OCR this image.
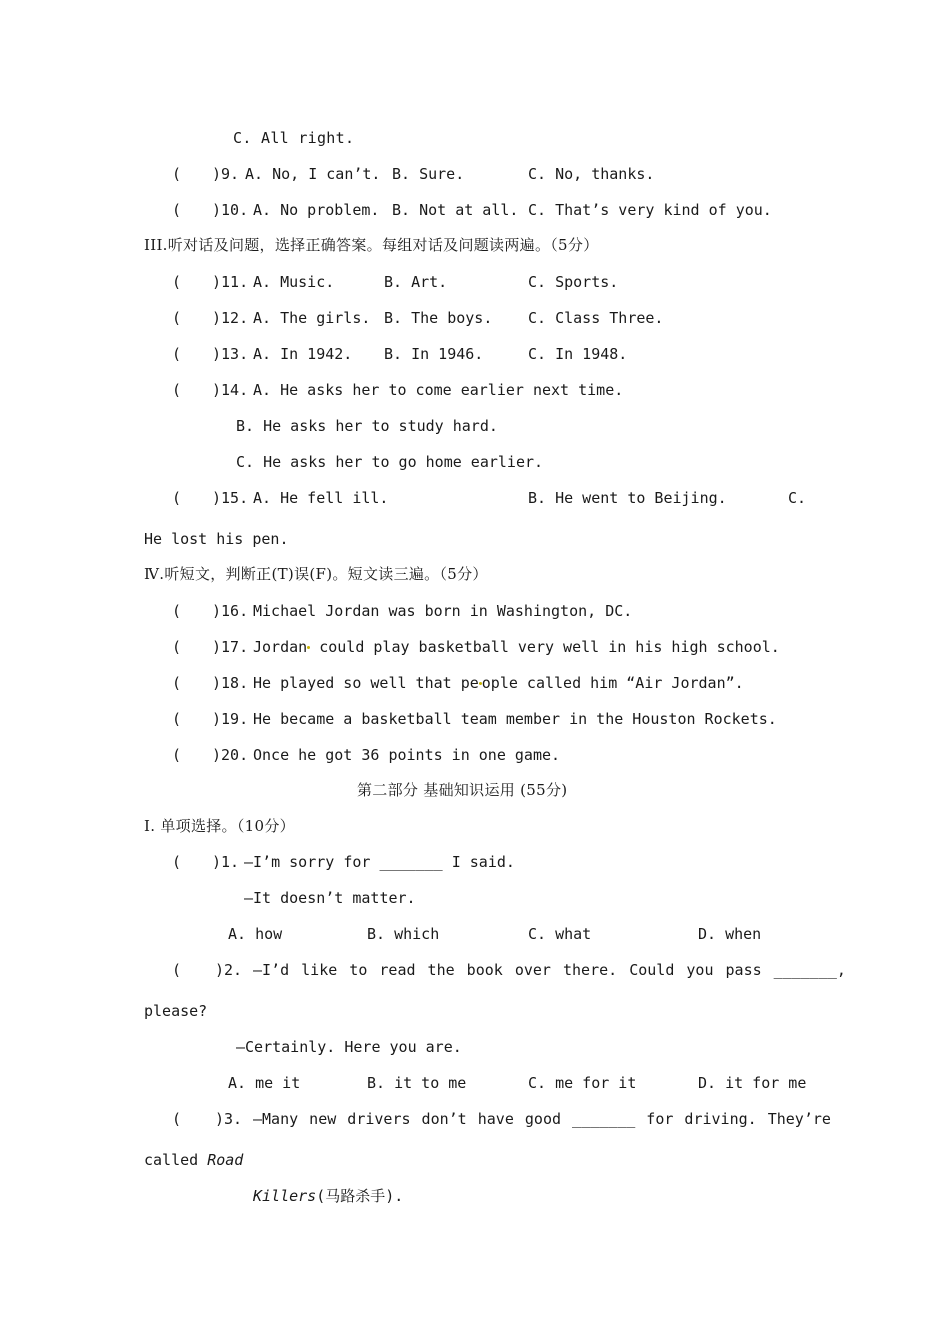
C. All right.
( )9. A. No, I can’t. B. Sure.	C. No, thanks.
( )10. A. No problem. B. Not at all. C. That’s very kind of you.
III.听对话及问题，选择正确答案。每组对话及问题读两遍。（5分）
( )11. A. Music.	B. Art.	C. Sports.
( )12. A. The girls. B. The boys. C. Class Three.
( )13. A. In 1942. B. In 1946.	C. In 1948.
( )14. A. He asks her to come earlier next time.
B. He asks her to study hard.
C. He asks her to go home earlier.
( )15. A. He fell ill.	B. He went to Beijing.	C.
He lost his pen.
Ⅳ.听短文，判断正(T)误(F)。短文读三遍。（5分）
( )16. Michael Jordan was born in Washington, DC.
( )17. Jordan could play basketball very well in his high school.
( )18. He played so well that pe ople called him “Air Jordan”.
( )19. He became a basketball team member in the Houston Rockets.
( )20. Once he got 36 points in one game.
第二部分 基础知识运用 (55分)
Ⅰ. 单项选择。（10分）
( )1. —I’m sorry for _______ I said.
—It doesn’t matter.
A. how	B. which	C. what	D. when
( )2. —I’d like to read the book over there. Could you pass _______,
please?
—Certainly. Here you are.
A. me it	B. it to me	C. me for it	D. it for me
( )3. —Many new drivers don’t have good _______ for driving. They’re
called Road
Killers(马路杀手).
